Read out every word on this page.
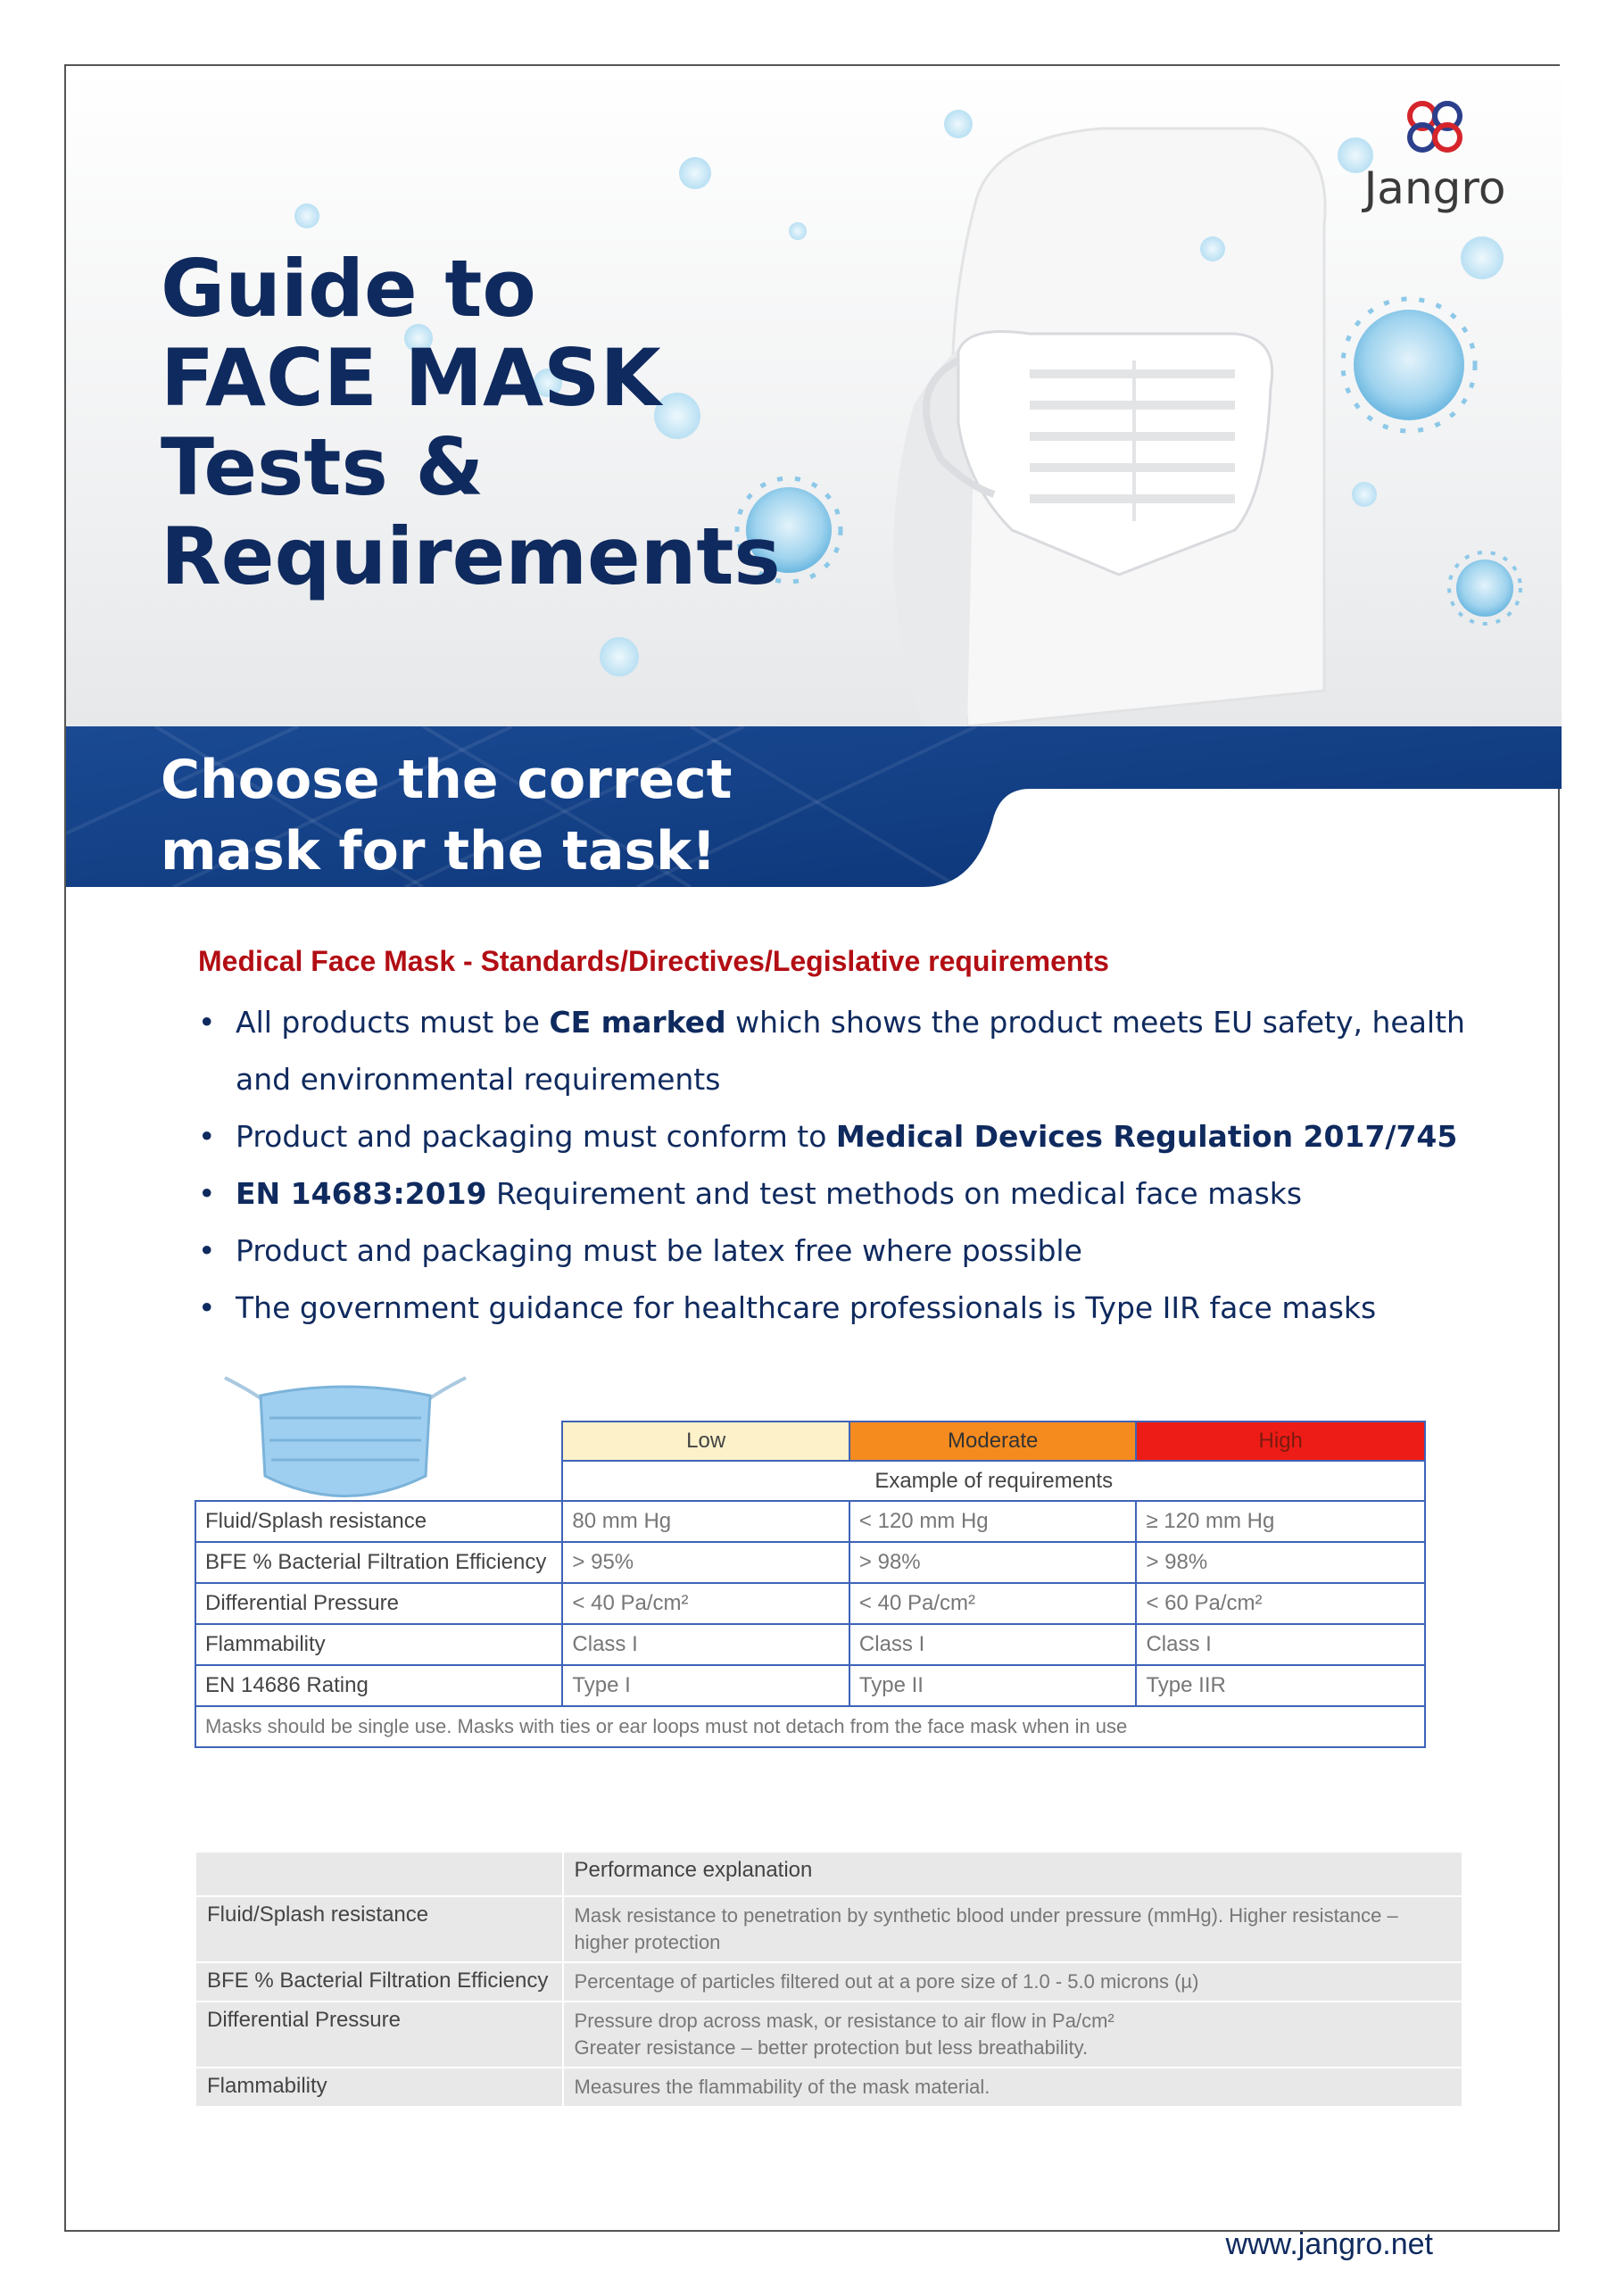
Guide to
FACE MASK
Tests &
Requirements
Jangro
Choose the correct
mask for the task!
Medical Face Mask - Standards/Directives/Legislative requirements
• All products must be CE marked which shows the product meets EU safety, health and environmental requirements
• Product and packaging must conform to Medical Devices Regulation 2017/745
• EN 14683:2019 Requirement and test methods on medical face masks
• Product and packaging must be latex free where possible
• The government guidance for healthcare professionals is Type IIR face masks
	Low	Moderate	High
	Example of requirements		
Fluid/Splash resistance	80 mm Hg	< 120 mm Hg	≥ 120 mm Hg
BFE % Bacterial Filtration Efficiency	> 95%	> 98%	> 98%
Differential Pressure	< 40 Pa/cm²	< 40 Pa/cm²	< 60 Pa/cm²
Flammability	Class I	Class I	Class I
EN 14686 Rating	Type I	Type II	Type IIR
Masks should be single use. Masks with ties or ear loops must not detach from the face mask when in use			
	Performance explanation
Fluid/Splash resistance	Mask resistance to penetration by synthetic blood under pressure (mmHg). Higher resistance – higher protection

BFE % Bacterial Filtration Efficiency	Percentage of particles filtered out at a pore size of 1.0 - 5.0 microns (µ)

Differential Pressure	Pressure drop across mask, or resistance to air flow in Pa/cm²
Greater resistance – better protection but less breathability.

Flammability	Measures the flammability of the mask material.

www.jangro.net
